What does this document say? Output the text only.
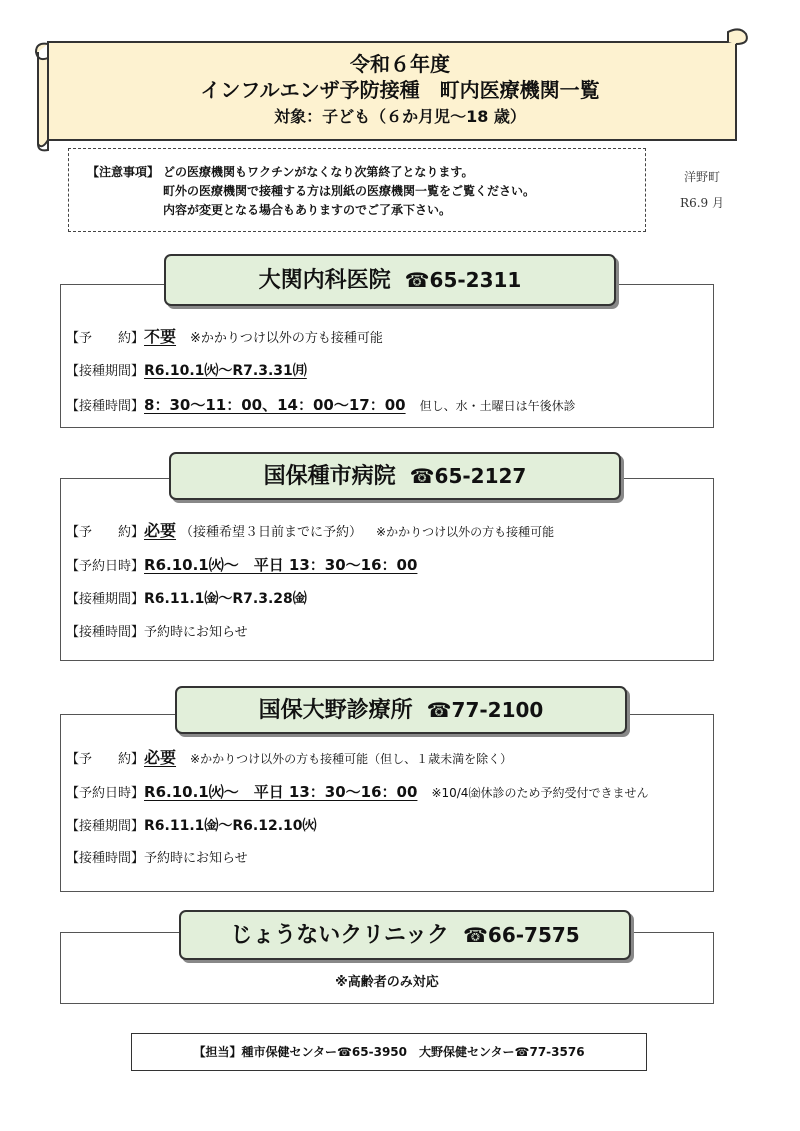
令和６年度
インフルエンザ予防接種　町内医療機関一覧
対象：子ども（６か月児～18 歳）
【注意事項】 どの医療機関もワクチンがなくなり次第終了となります。
町外の医療機関で接種する方は別紙の医療機関一覧をご覧ください。
内容が変更となる場合もありますのでご了承下さい。
洋野町
R6.9 月
大関内科医院 ☎65-2311
【予　　約】不要 ※かかりつけ以外の方も接種可能
【接種期間】R6.10.1㈫～R7.3.31㈪
【接種時間】8：30～11：00、14：00～17：00 但し、水・土曜日は午後休診
国保種市病院 ☎65-2127
【予　　約】必要 （接種希望３日前までに予約） ※かかりつけ以外の方も接種可能
【予約日時】R6.10.1㈫～　平日 13：30～16：00
【接種期間】R6.11.1㈮～R7.3.28㈮
【接種時間】予約時にお知らせ
国保大野診療所 ☎77-2100
【予　　約】必要 ※かかりつけ以外の方も接種可能（但し、１歳未満を除く）
【予約日時】R6.10.1㈫～　平日 13：30～16：00 ※10/4㈮休診のため予約受付できません
【接種期間】R6.11.1㈮～R6.12.10㈫
【接種時間】予約時にお知らせ
※高齢者のみ対応
じょうないクリニック ☎66-7575
【担当】種市保健センター☎65-3950　大野保健センター☎77-3576
